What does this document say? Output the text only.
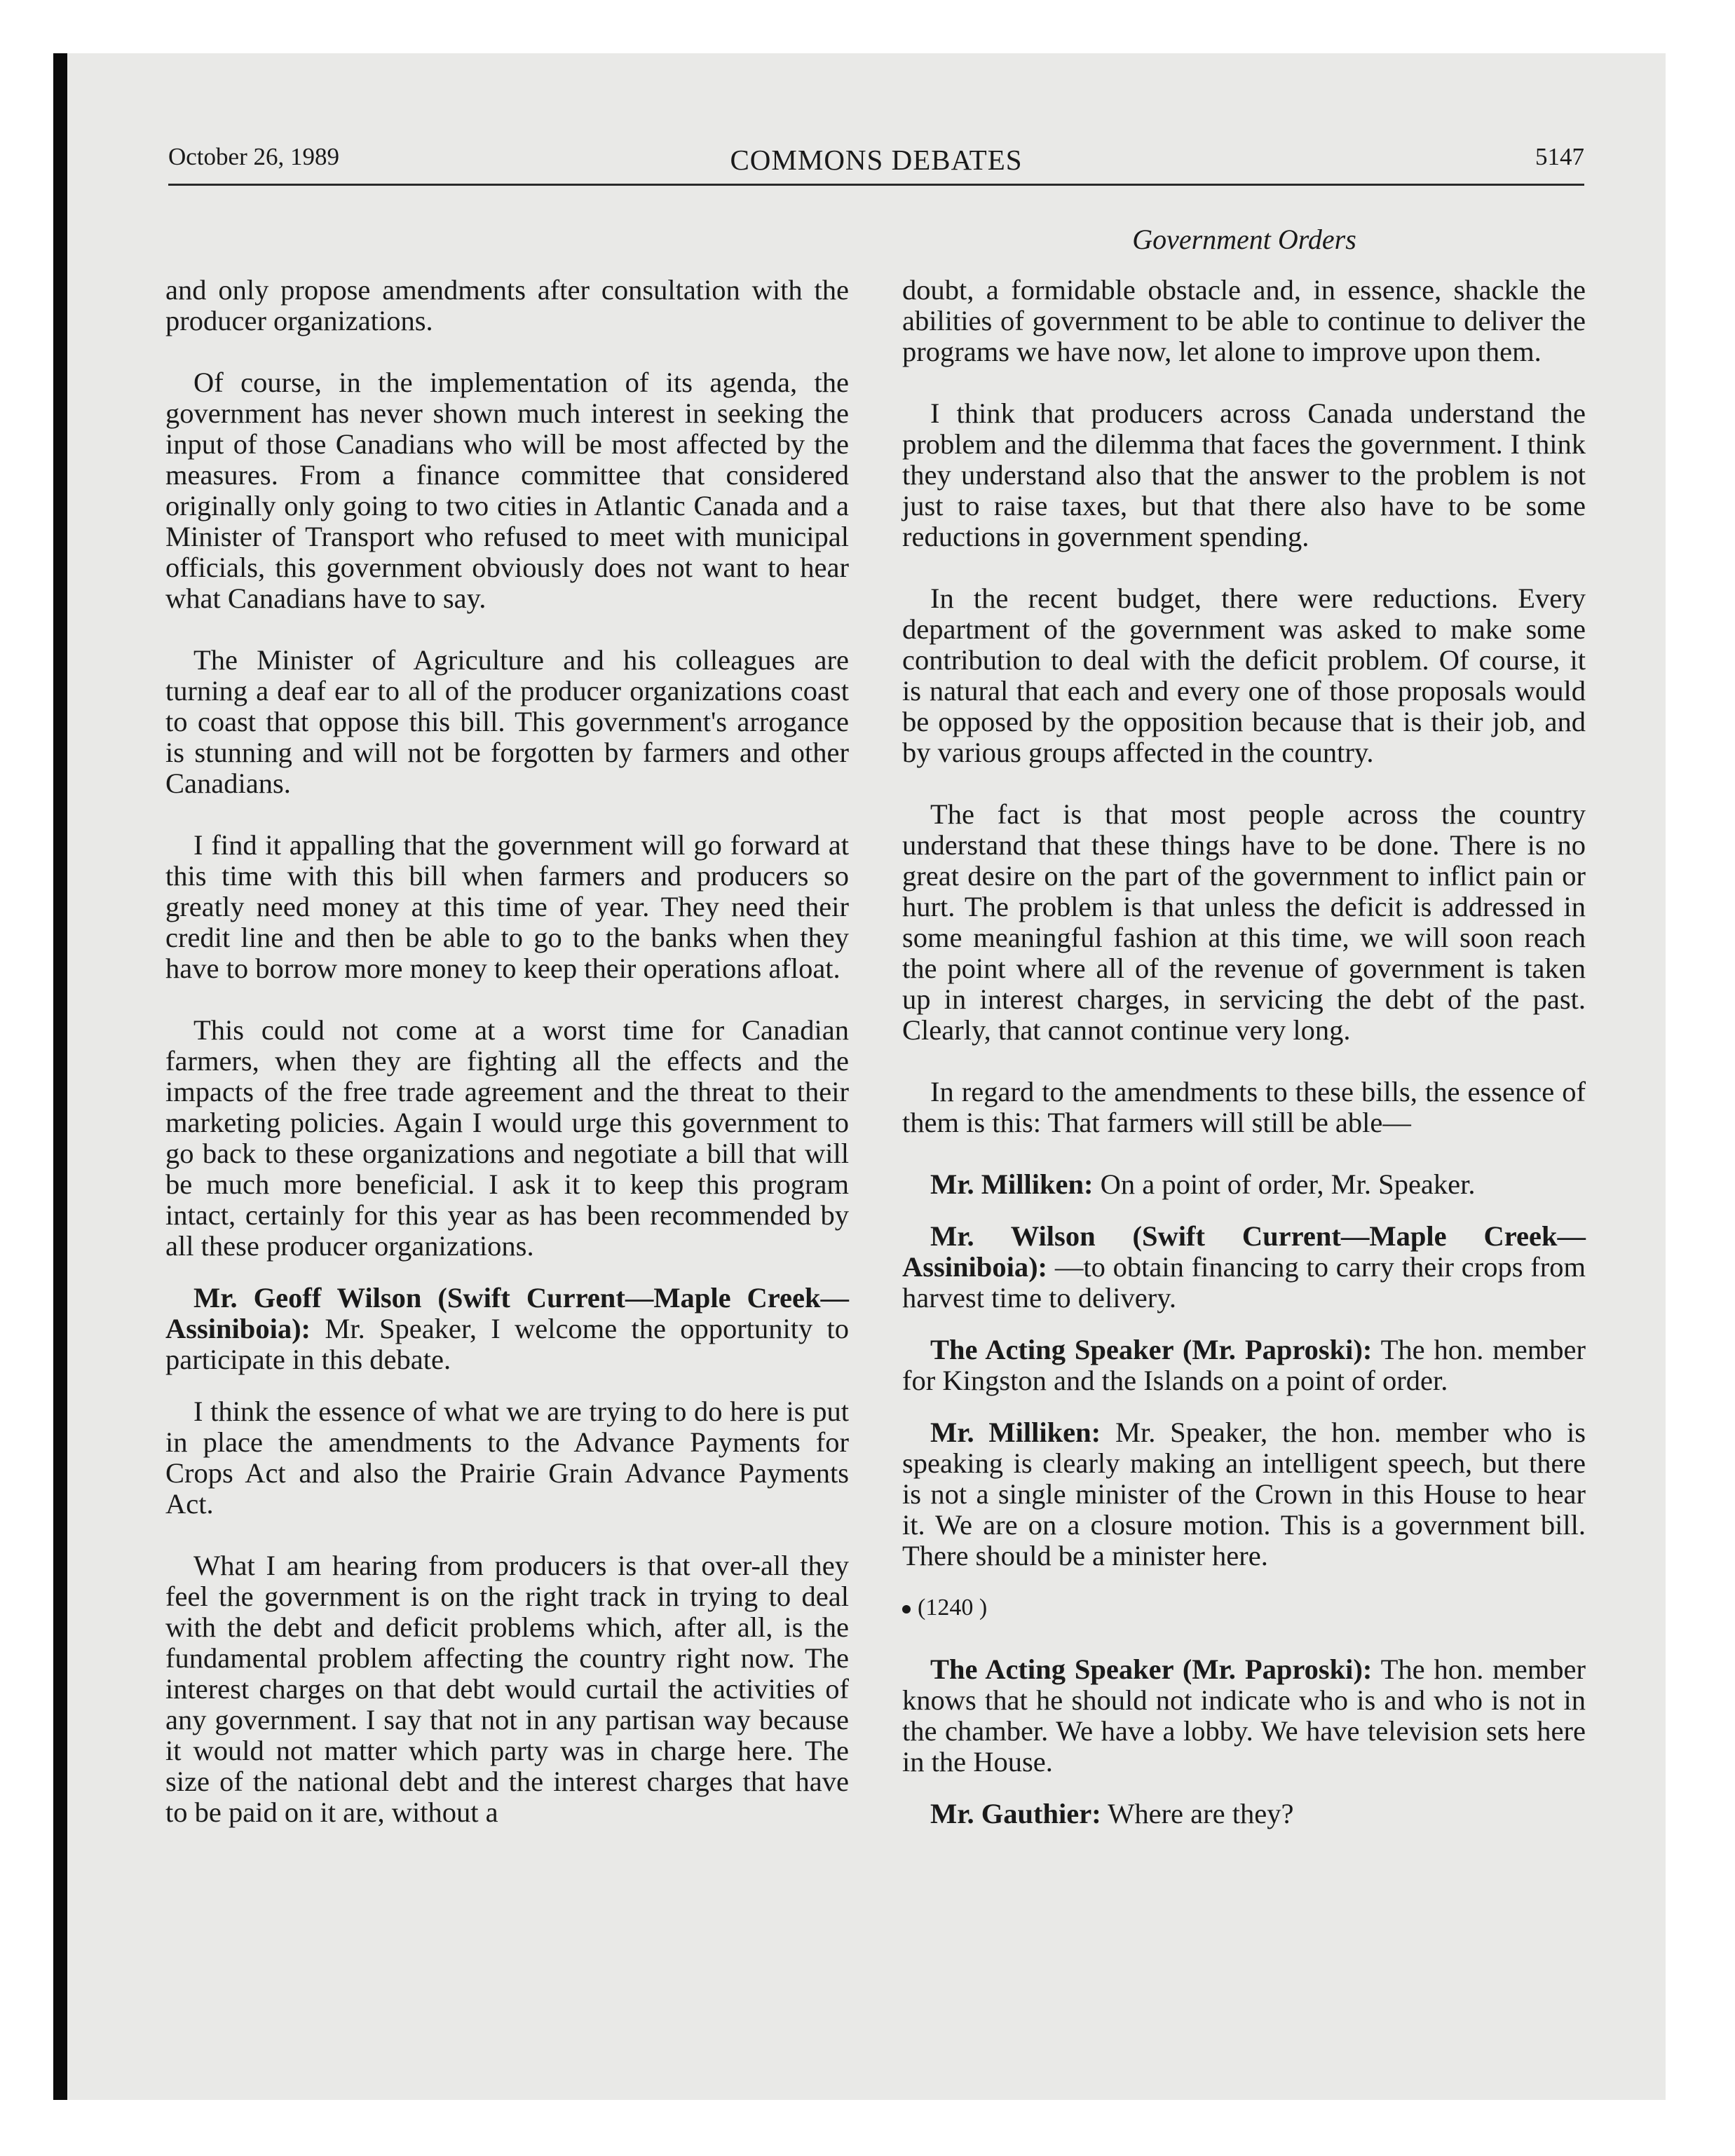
October 26, 1989	COMMONS DEBATES	5147
Government Orders

and only propose amendments after consultation with the producer organizations.

Of course, in the implementation of its agenda, the government has never shown much interest in seeking the input of those Canadians who will be most affected by the measures. From a finance committee that considered originally only going to two cities in Atlantic Canada and a Minister of Transport who refused to meet with municipal officials, this government obviously does not want to hear what Canadians have to say.

The Minister of Agriculture and his colleagues are turning a deaf ear to all of the producer organizations coast to coast that oppose this bill. This government's arrogance is stunning and will not be forgotten by farmers and other Canadians.

I find it appalling that the government will go forward at this time with this bill when farmers and producers so greatly need money at this time of year. They need their credit line and then be able to go to the banks when they have to borrow more money to keep their operations afloat.

This could not come at a worst time for Canadian farmers, when they are fighting all the effects and the impacts of the free trade agreement and the threat to their marketing policies. Again I would urge this government to go back to these organizations and negotiate a bill that will be much more beneficial. I ask it to keep this program intact, certainly for this year as has been recommended by all these producer organizations.

Mr. Geoff Wilson (Swift Current—Maple Creek—Assiniboia): Mr. Speaker, I welcome the opportunity to participate in this debate.

I think the essence of what we are trying to do here is put in place the amendments to the Advance Payments for Crops Act and also the Prairie Grain Advance Payments Act.

What I am hearing from producers is that over-all they feel the government is on the right track in trying to deal with the debt and deficit problems which, after all, is the fundamental problem affecting the country right now. The interest charges on that debt would curtail the activities of any government. I say that not in any partisan way because it would not matter which party was in charge here. The size of the national debt and the interest charges that have to be paid on it are, without a

doubt, a formidable obstacle and, in essence, shackle the abilities of government to be able to continue to deliver the programs we have now, let alone to improve upon them.

I think that producers across Canada understand the problem and the dilemma that faces the government. I think they understand also that the answer to the problem is not just to raise taxes, but that there also have to be some reductions in government spending.

In the recent budget, there were reductions. Every department of the government was asked to make some contribution to deal with the deficit problem. Of course, it is natural that each and every one of those proposals would be opposed by the opposition because that is their job, and by various groups affected in the country.

The fact is that most people across the country understand that these things have to be done. There is no great desire on the part of the government to inflict pain or hurt. The problem is that unless the deficit is addressed in some meaningful fashion at this time, we will soon reach the point where all of the revenue of government is taken up in interest charges, in servicing the debt of the past. Clearly, that cannot continue very long.

In regard to the amendments to these bills, the essence of them is this: That farmers will still be able—

Mr. Milliken: On a point of order, Mr. Speaker.

Mr. Wilson (Swift Current—Maple Creek—Assiniboia): —to obtain financing to carry their crops from harvest time to delivery.

The Acting Speaker (Mr. Paproski): The hon. member for Kingston and the Islands on a point of order.

Mr. Milliken: Mr. Speaker, the hon. member who is speaking is clearly making an intelligent speech, but there is not a single minister of the Crown in this House to hear it. We are on a closure motion. This is a government bill. There should be a minister here.

(1240 )

The Acting Speaker (Mr. Paproski): The hon. member knows that he should not indicate who is and who is not in the chamber. We have a lobby. We have television sets here in the House.

Mr. Gauthier: Where are they?
